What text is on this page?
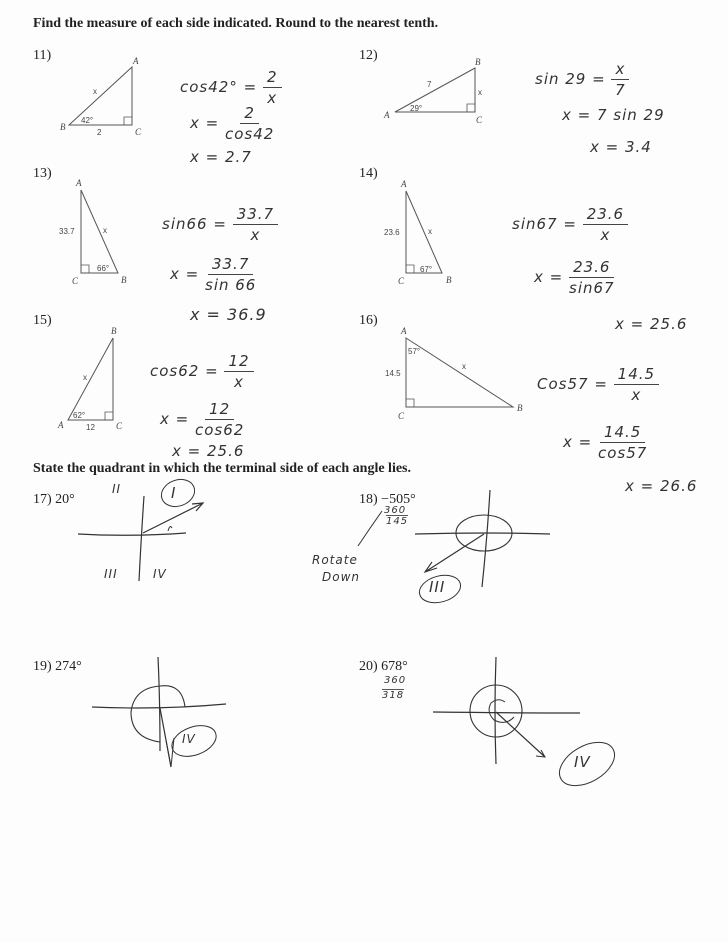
Find the measure of each side indicated. Round to the nearest tenth.
11)	A
B	C
42°
2
x	$\cos 42^\circ = \frac{2}{x}$
$x = \frac{2}{\cos 42}$
x = 2.7
12)	B
A	C
29°
7
x
$\sin 29 = \frac{x}{7}$
x = 7 sin 29
x = 3.4
13)
A
B
C
66°
33.7	x	$\sin 66 = \frac{33.7}{x}$
$x = \frac{33.7}{\sin 66}$
x = 36.9
14)
A
B
C
67°
23.6	x	$\sin 67 = \frac{23.6}{x}$
$x = \frac{23.6}{\sin 67}$
x = 25.6
15)
B
A	C
62°
12
x	$\cos 62 = \frac{12}{x}$
$x = \frac{12}{\cos 62}$
x = 25.6
16)
A
B
C
57°
14.5
x
$Cos57 = \frac{14.5}{x}$
$x = \frac{14.5}{\cos 57}$
x = 26.6
State the quadrant in which the terminal side of each angle lies.
17) 20°
II	I
III	IV
18) −505°
360
145
Rotate
Down
III
19) 274°
IV
20) 678°
360
318
IV
